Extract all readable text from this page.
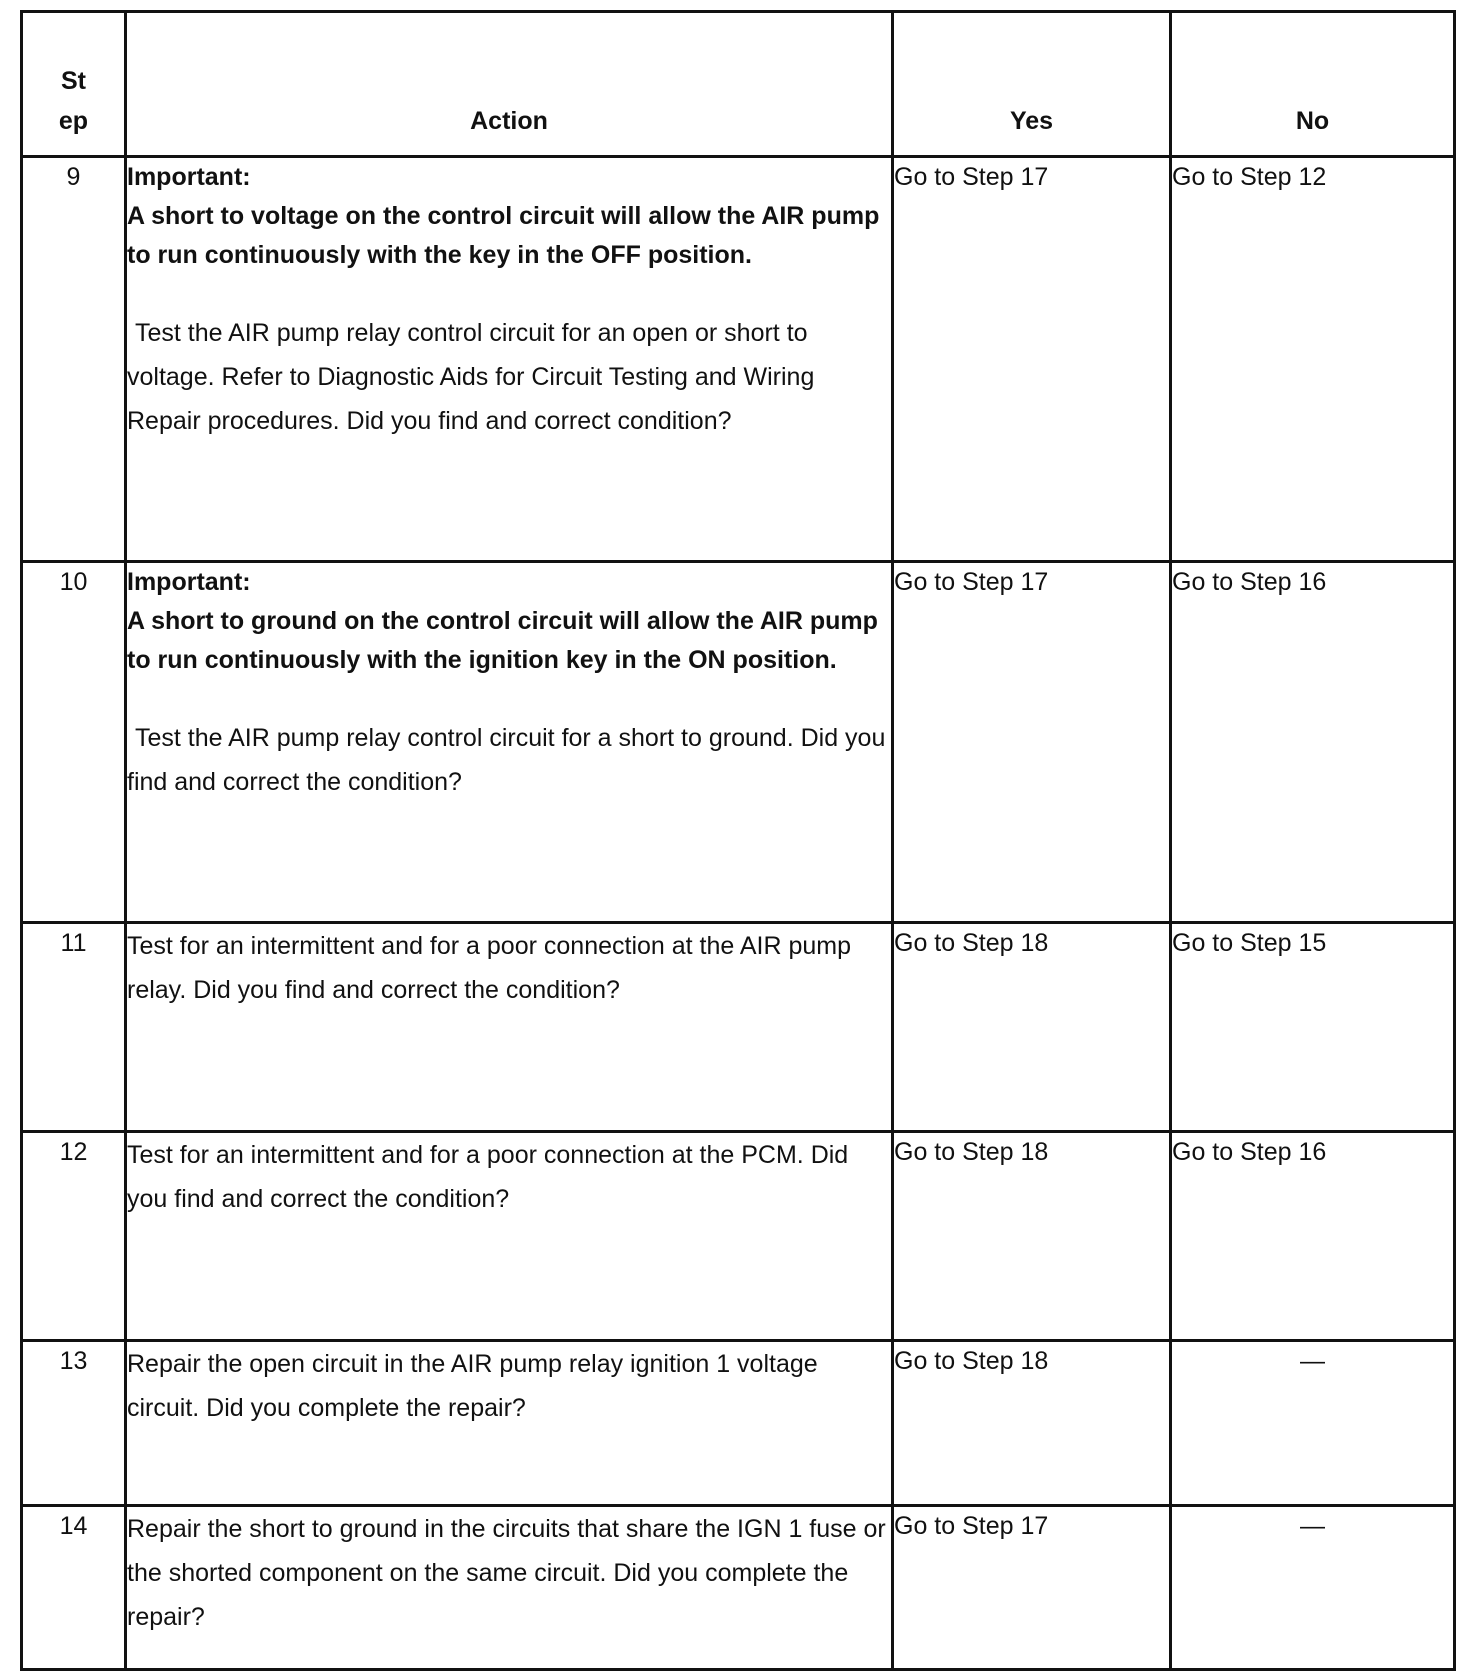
St
ep	Action	Yes	No
9	Important:
A short to voltage on the control circuit will allow the AIR pump to run continuously with the key in the OFF position.
Test the AIR pump relay control circuit for an open or short to voltage. Refer to Diagnostic Aids for Circuit Testing and Wiring Repair procedures. Did you find and correct condition?	Go to Step 17	Go to Step 12
10	Important:
A short to ground on the control circuit will allow the AIR pump to run continuously with the ignition key in the ON position.
Test the AIR pump relay control circuit for a short to ground. Did you find and correct the condition?	Go to Step 17	Go to Step 16
11	Test for an intermittent and for a poor connection at the AIR pump relay. Did you find and correct the condition?	Go to Step 18	Go to Step 15
12	Test for an intermittent and for a poor connection at the PCM. Did you find and correct the condition?	Go to Step 18	Go to Step 16
13	Repair the open circuit in the AIR pump relay ignition 1 voltage circuit. Did you complete the repair?	Go to Step 18	—
14	Repair the short to ground in the circuits that share the IGN 1 fuse or the shorted component on the same circuit. Did you complete the repair?	Go to Step 17	—
